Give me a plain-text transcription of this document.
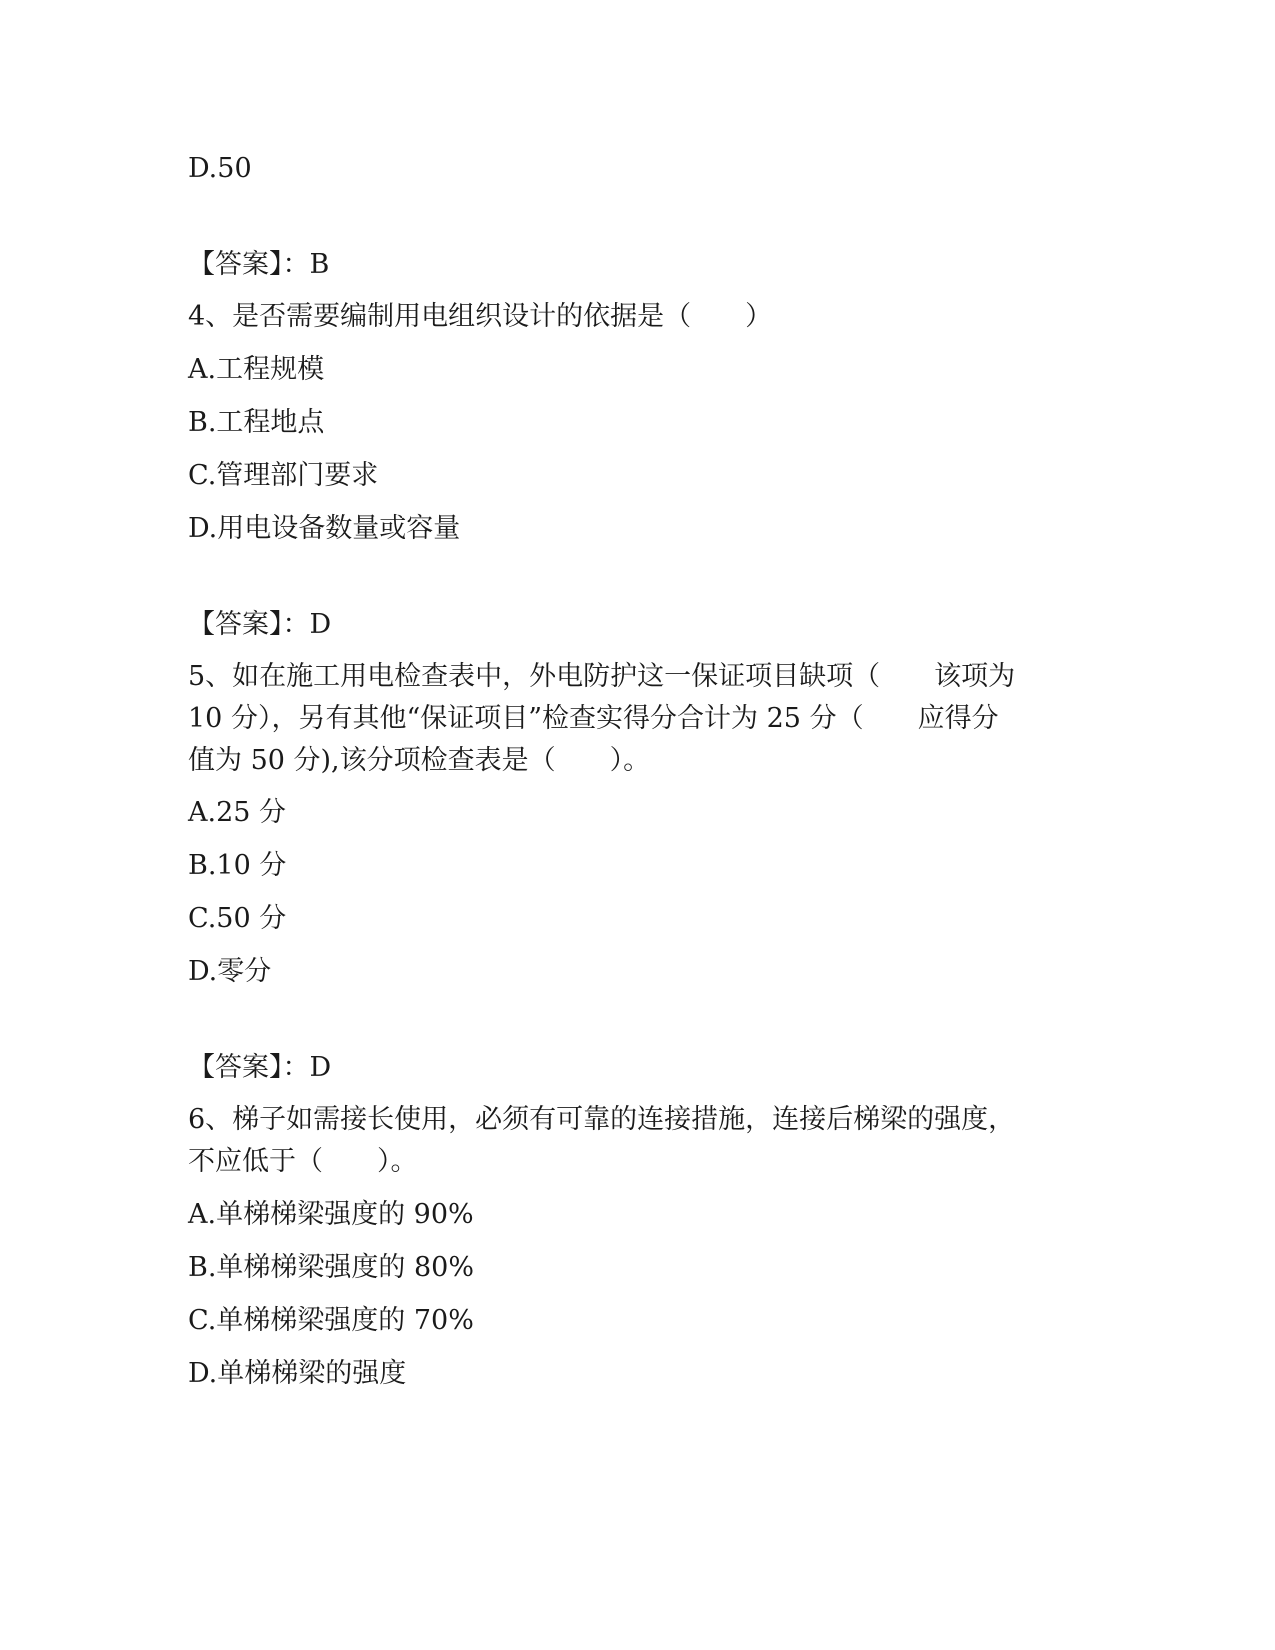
D.50
【答案】：B
4、是否需要编制用电组织设计的依据是（　　）
A.工程规模
B.工程地点
C.管理部门要求
D.用电设备数量或容量
【答案】：D
5、如在施工用电检查表中，外电防护这一保证项目缺项（　　该项为
10 分），另有其他“保证项目”检查实得分合计为 25 分（　　应得分
值为 50 分),该分项检查表是（　　）。
A.25 分
B.10 分
C.50 分
D.零分
【答案】：D
6、梯子如需接长使用，必须有可靠的连接措施，连接后梯梁的强度，
不应低于（　　）。
A.单梯梯梁强度的 90%
B.单梯梯梁强度的 80%
C.单梯梯梁强度的 70%
D.单梯梯梁的强度
